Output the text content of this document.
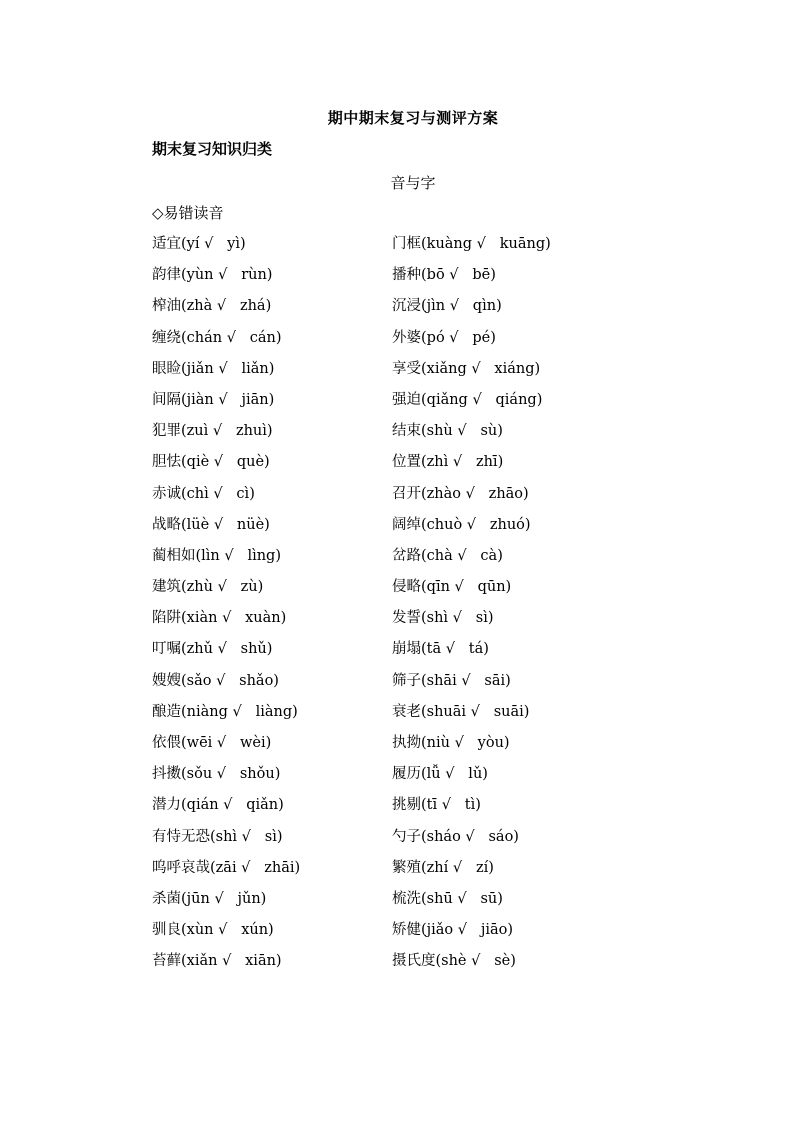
期中期末复习与测评方案
期末复习知识归类
音与字
◇易错读音
适宜(yí √   yì)	门框(kuàng √   kuāng)
韵律(yùn √   rùn)	播种(bō √   bē)
榨油(zhà √   zhá)	沉浸(jìn √   qìn)
缠绕(chán √   cán)	外婆(pó √   pé)
眼睑(jiǎn √   liǎn)	享受(xiǎng √   xiáng)
间隔(jiàn √   jiān)	强迫(qiǎng √   qiáng)
犯罪(zuì √   zhuì)	结束(shù √   sù)
胆怯(qiè √   què)	位置(zhì √   zhī)
赤诚(chì √   cì)	召开(zhào √   zhāo)
战略(lüè √   nüè)	阔绰(chuò √   zhuó)
蔺相如(lìn √   lìng)	岔路(chà √   cà)
建筑(zhù √   zù)	侵略(qīn √   qūn)
陷阱(xiàn √   xuàn)	发誓(shì √   sì)
叮嘱(zhǔ √   shǔ)	崩塌(tā √   tá)
嫂嫂(sǎo √   shǎo)	筛子(shāi √   sāi)
酿造(niàng √   liàng)	衰老(shuāi √   suāi)
依偎(wēi √   wèi)	执拗(niù √   yòu)
抖擞(sǒu √   shǒu)	履历(lǚ √   lǔ)
潜力(qián √   qiǎn)	挑剔(tī √   tì)
有恃无恐(shì √   sì)	勺子(sháo √   sáo)
呜呼哀哉(zāi √   zhāi)	繁殖(zhí √   zí)
杀菌(jūn √   jǔn)	梳洗(shū √   sū)
驯良(xùn √   xún)	矫健(jiǎo √   jiāo)
苔藓(xiǎn √   xiān)	摄氏度(shè √   sè)
